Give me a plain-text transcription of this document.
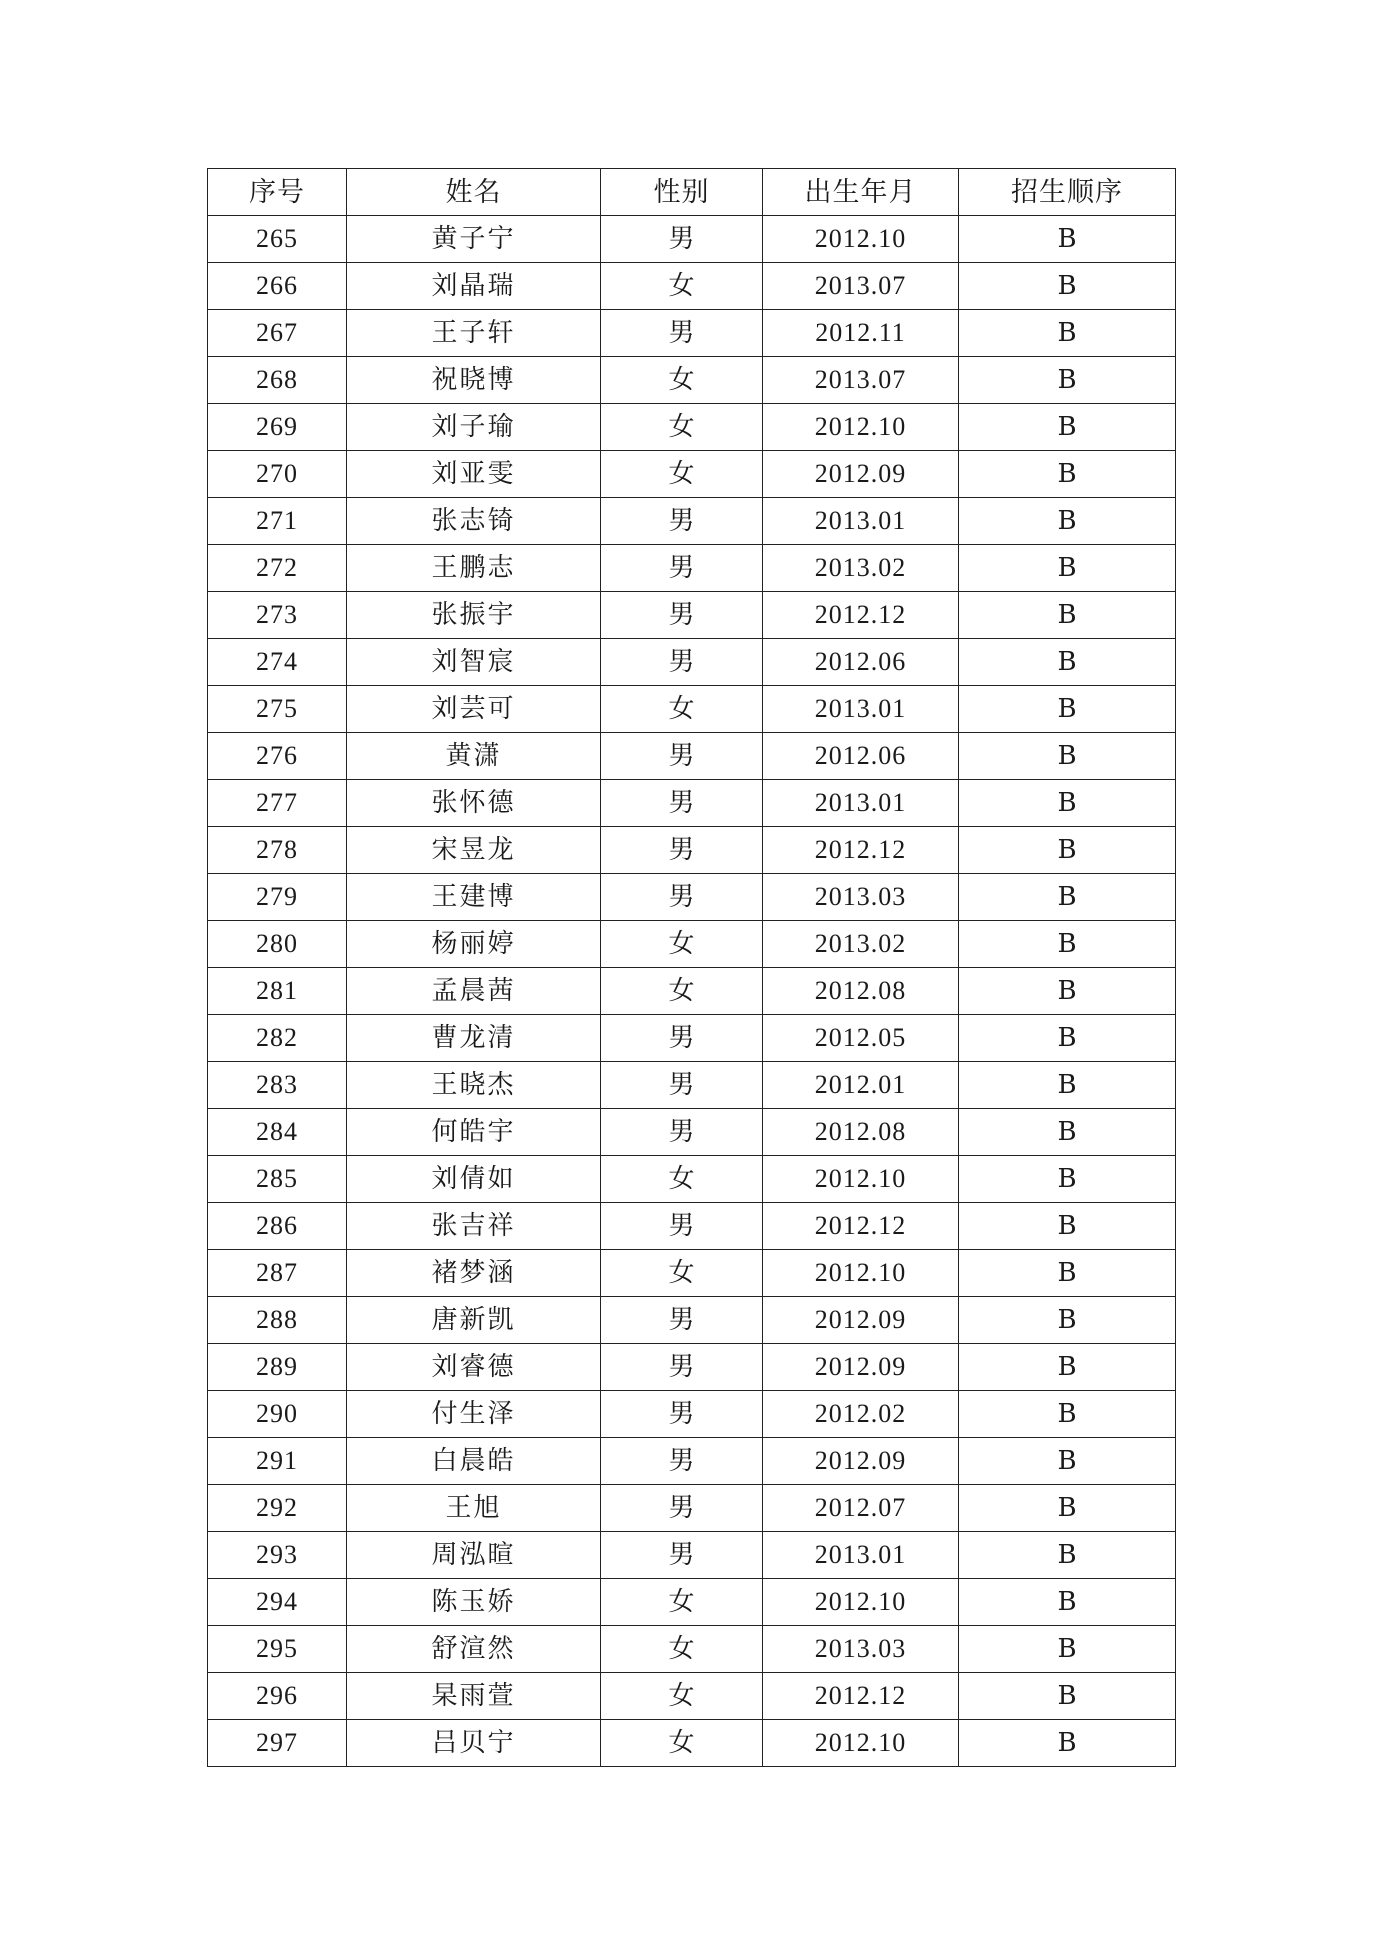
序号	姓名	性别	出生年月	招生顺序
265	黄子宁	男	2012.10	B
266	刘晶瑞	女	2013.07	B
267	王子轩	男	2012.11	B
268	祝晓博	女	2013.07	B
269	刘子瑜	女	2012.10	B
270	刘亚雯	女	2012.09	B
271	张志锜	男	2013.01	B
272	王鹏志	男	2013.02	B
273	张振宇	男	2012.12	B
274	刘智宸	男	2012.06	B
275	刘芸可	女	2013.01	B
276	黄潇	男	2012.06	B
277	张怀德	男	2013.01	B
278	宋昱龙	男	2012.12	B
279	王建博	男	2013.03	B
280	杨丽婷	女	2013.02	B
281	孟晨茜	女	2012.08	B
282	曹龙清	男	2012.05	B
283	王晓杰	男	2012.01	B
284	何皓宇	男	2012.08	B
285	刘倩如	女	2012.10	B
286	张吉祥	男	2012.12	B
287	褚梦涵	女	2012.10	B
288	唐新凯	男	2012.09	B
289	刘睿德	男	2012.09	B
290	付生泽	男	2012.02	B
291	白晨皓	男	2012.09	B
292	王旭	男	2012.07	B
293	周泓暄	男	2013.01	B
294	陈玉娇	女	2012.10	B
295	舒渲然	女	2013.03	B
296	杲雨萱	女	2012.12	B
297	吕贝宁	女	2012.10	B
